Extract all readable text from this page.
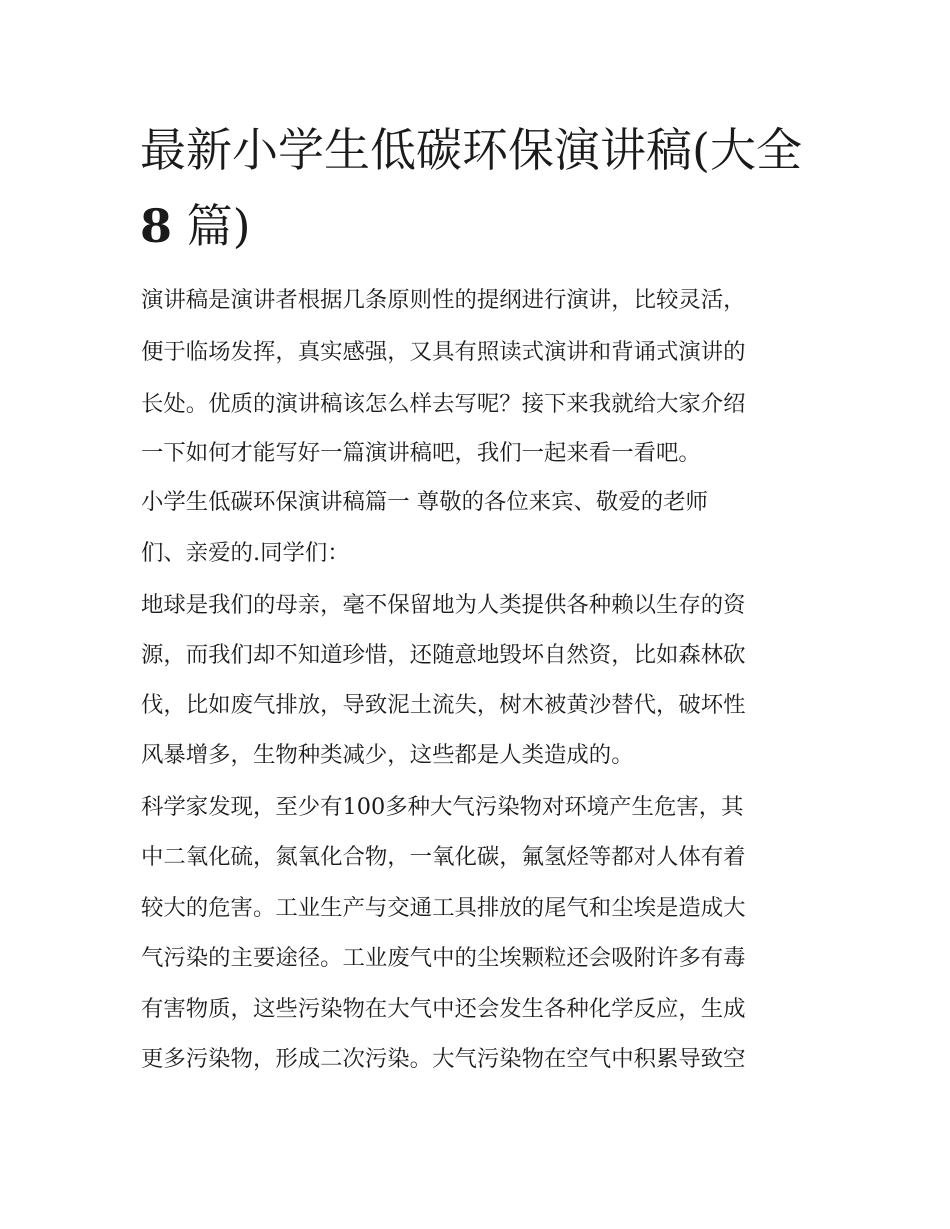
最新小学生低碳环保演讲稿(大全8 篇)
演讲稿是演讲者根据几条原则性的提纲进行演讲，比较灵活，
便于临场发挥，真实感强，又具有照读式演讲和背诵式演讲的
长处。优质的演讲稿该怎么样去写呢？接下来我就给大家介绍
一下如何才能写好一篇演讲稿吧，我们一起来看一看吧。
小学生低碳环保演讲稿篇一 尊敬的各位来宾、敬爱的老师
们、亲爱的.同学们：
地球是我们的母亲，毫不保留地为人类提供各种赖以生存的资
源，而我们却不知道珍惜，还随意地毁坏自然资，比如森林砍
伐，比如废气排放，导致泥土流失，树木被黄沙替代，破坏性
风暴增多，生物种类减少，这些都是人类造成的。
科学家发现，至少有100多种大气污染物对环境产生危害，其
中二氧化硫，氮氧化合物，一氧化碳，氟氢烃等都对人体有着
较大的危害。工业生产与交通工具排放的尾气和尘埃是造成大
气污染的主要途径。工业废气中的尘埃颗粒还会吸附许多有毒
有害物质，这些污染物在大气中还会发生各种化学反应，生成
更多污染物，形成二次污染。大气污染物在空气中积累导致空
